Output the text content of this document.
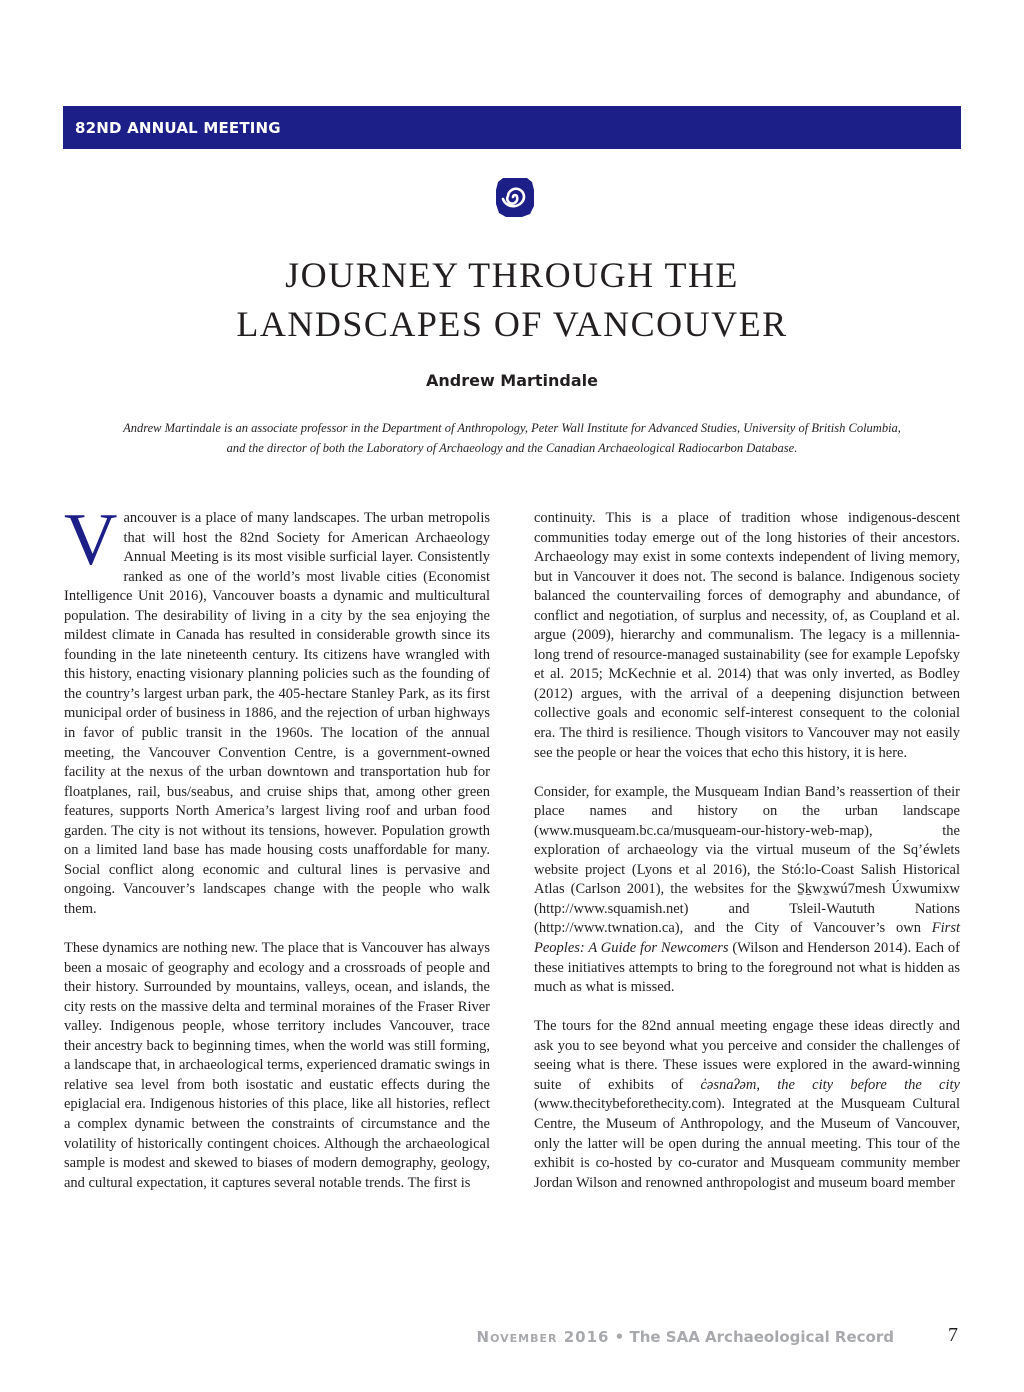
82ND ANNUAL MEETING
JOURNEY THROUGH THE
LANDSCAPES OF VANCOUVER
Andrew Martindale
Andrew Martindale is an associate professor in the Department of Anthropology, Peter Wall Institute for Advanced Studies, University of British Columbia,
and the director of both the Laboratory of Archaeology and the Canadian Archaeological Radiocarbon Database.

Vancouver is a place of many landscapes. The urban metropolis that will host the 82nd Society for American Archaeology Annual Meeting is its most visible surficial layer. Consistently ranked as one of the world’s most livable cities (Economist Intelligence Unit 2016), Vancouver boasts a dynamic and multicultural population. The desirability of living in a city by the sea enjoying the mildest climate in Canada has resulted in considerable growth since its founding in the late nineteenth century. Its citizens have wrangled with this history, enacting visionary planning policies such as the founding of the country’s largest urban park, the 405-hectare Stanley Park, as its first municipal order of business in 1886, and the rejection of urban highways in favor of public transit in the 1960s. The location of the annual meeting, the Vancouver Convention Centre, is a government-owned facility at the nexus of the urban downtown and transportation hub for floatplanes, rail, bus/seabus, and cruise ships that, among other green features, supports North America’s largest living roof and urban food garden. The city is not without its tensions, however. Population growth on a limited land base has made housing costs unaffordable for many. Social conflict along economic and cultural lines is pervasive and ongoing. Vancouver’s landscapes change with the people who walk them.

These dynamics are nothing new. The place that is Vancouver has always been a mosaic of geography and ecology and a crossroads of people and their history. Surrounded by mountains, valleys, ocean, and islands, the city rests on the massive delta and terminal moraines of the Fraser River valley. Indigenous people, whose territory includes Vancouver, trace their ancestry back to beginning times, when the world was still forming, a landscape that, in archaeological terms, experienced dramatic swings in relative sea level from both isostatic and eustatic effects during the epiglacial era. Indigenous histories of this place, like all histories, reflect a complex dynamic between the constraints of circumstance and the volatility of historically contingent choices. Although the archaeological sample is modest and skewed to biases of modern demography, geology, and cultural expectation, it captures several notable trends. The first is

continuity. This is a place of tradition whose indigenous-descent communities today emerge out of the long histories of their ancestors. Archaeology may exist in some contexts independent of living memory, but in Vancouver it does not. The second is balance. Indigenous society balanced the countervailing forces of demography and abundance, of conflict and negotiation, of surplus and necessity, of, as Coupland et al. argue (2009), hierarchy and communalism. The legacy is a millennia-long trend of resource-managed sustainability (see for example Lepofsky et al. 2015; McKechnie et al. 2014) that was only inverted, as Bodley (2012) argues, with the arrival of a deepening disjunction between collective goals and economic self-interest consequent to the colonial era. The third is resilience. Though visitors to Vancouver may not easily see the people or hear the voices that echo this history, it is here.

Consider, for example, the Musqueam Indian Band’s reassertion of their place names and history on the urban landscape (www.musqueam.bc.ca/musqueam-our-history-web-map), the exploration of archaeology via the virtual museum of the Sq’éwlets website project (Lyons et al 2016), the Stó:lo-Coast Salish Historical Atlas (Carlson 2001), the websites for the S̱ḵwx̱wú7mesh Úxwumixw (http://www.squamish.net) and Tsleil-Waututh Nations (http://www.twnation.ca), and the City of Vancouver’s own First Peoples: A Guide for Newcomers (Wilson and Henderson 2014). Each of these initiatives attempts to bring to the foreground not what is hidden as much as what is missed.

The tours for the 82nd annual meeting engage these ideas directly and ask you to see beyond what you perceive and consider the challenges of seeing what is there. These issues were explored in the award-winning suite of exhibits of c̓əsnaʔəm, the city before the city (www.thecitybeforethecity.com). Integrated at the Musqueam Cultural Centre, the Museum of Anthropology, and the Museum of Vancouver, only the latter will be open during the annual meeting. This tour of the exhibit is co-hosted by co-curator and Musqueam community member Jordan Wilson and renowned anthropologist and museum board member

November 2016 • The SAA Archaeological Record	7
